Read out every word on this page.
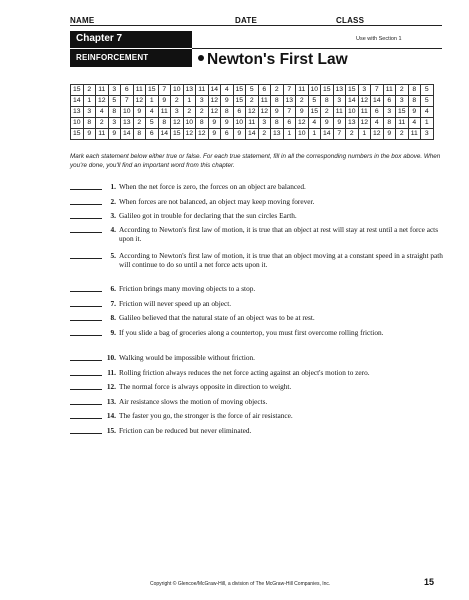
NAME	DATE	CLASS
Chapter 7	Use with Section 1
REINFORCEMENT	Newton's First Law
15	2	11	3	6	11	15	7	10	13	11	14	4	15	5	6	2	7	11	10	15	13	15	3	7	11	2	8	5
14	1	12	5	7	12	1	9	2	1	3	12	9	15	2	11	8	13	2	5	8	3	14	12	14	6	3	8	5
13	3	4	8	10	9	4	11	3	2	2	12	8	6	12	12	9	7	9	15	2	11	10	11	6	3	15	9	4
10	8	2	3	13	2	5	8	12	10	8	9	9	10	11	3	8	6	12	4	9	9	13	12	4	8	11	4	1
15	9	11	9	14	8	6	14	15	12	12	9	6	9	14	2	13	1	10	1	14	7	2	1	12	9	2	11	3
Mark each statement below either true or false. For each true statement, fill in all the corresponding numbers in the box above. When you're done, you'll find an important word from this chapter.
1. When the net force is zero, the forces on an object are balanced.
2. When forces are not balanced, an object may keep moving forever.
3. Galileo got in trouble for declaring that the sun circles Earth.
4. According to Newton's first law of motion, it is true that an object at rest will stay at rest until a net force acts upon it.
5. According to Newton's first law of motion, it is true that an object moving at a constant speed in a straight path will continue to do so until a net force acts upon it.
6. Friction brings many moving objects to a stop.
7. Friction will never speed up an object.
8. Galileo believed that the natural state of an object was to be at rest.
9. If you slide a bag of groceries along a countertop, you must first overcome rolling friction.
10. Walking would be impossible without friction.
11. Rolling friction always reduces the net force acting against an object's motion to zero.
12. The normal force is always opposite in direction to weight.
13. Air resistance slows the motion of moving objects.
14. The faster you go, the stronger is the force of air resistance.
15. Friction can be reduced but never eliminated.
Copyright © Glencoe/McGraw-Hill, a division of The McGraw-Hill Companies, Inc.	15
